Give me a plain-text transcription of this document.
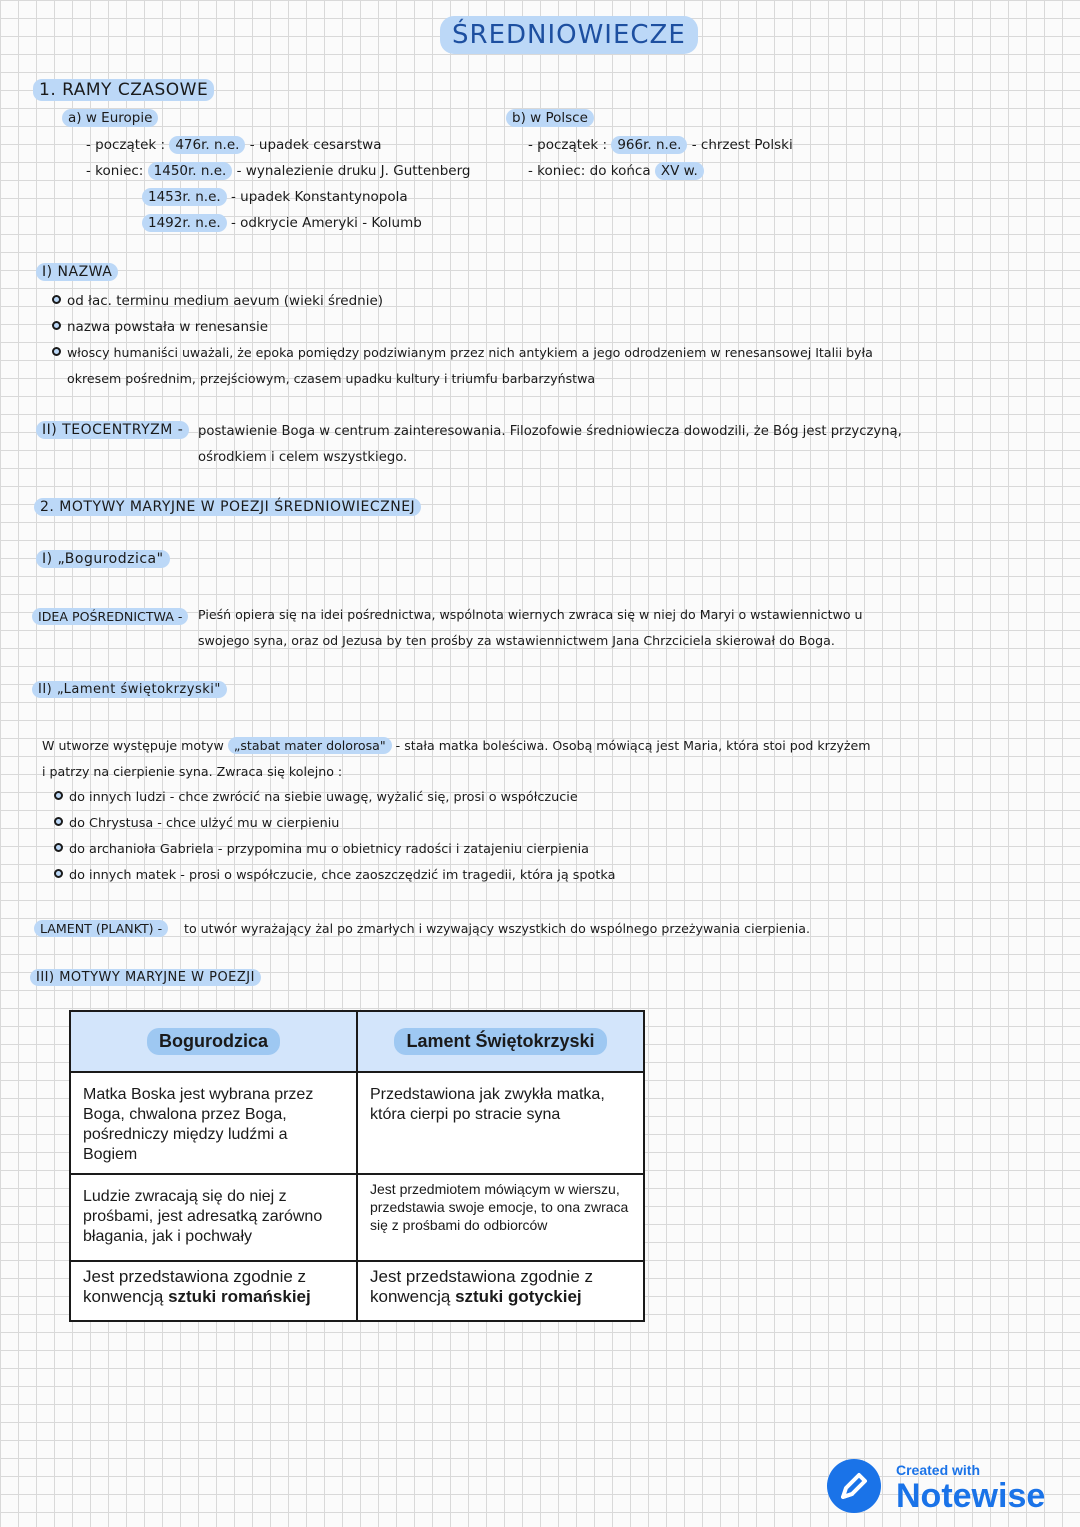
ŚREDNIOWIECZE
1. RAMY CZASOWE
a) w Europie
- początek : 476r. n.e. - upadek cesarstwa
- koniec: 1450r. n.e. - wynalezienie druku J. Guttenberg
1453r. n.e. - upadek Konstantynopola
1492r. n.e. - odkrycie Ameryki - Kolumb
b) w Polsce
- początek : 966r. n.e. - chrzest Polski
- koniec: do końca XV w.
I) NAZWA
od łac. terminu medium aevum (wieki średnie)
nazwa powstała w renesansie
włoscy humaniści uważali, że epoka pomiędzy podziwianym przez nich antykiem a jego odrodzeniem w renesansowej Italii była
okresem pośrednim, przejściowym, czasem upadku kultury i triumfu barbarzyństwa
II) TEOCENTRYZM -	postawienie Boga w centrum zainteresowania. Filozofowie średniowiecza dowodzili, że Bóg jest przyczyną,
ośrodkiem i celem wszystkiego.
2. MOTYWY MARYJNE W POEZJI ŚREDNIOWIECZNEJ
I) „Bogurodzica"
IDEA POŚREDNICTWA -	Pieśń opiera się na idei pośrednictwa, wspólnota wiernych zwraca się w niej do Maryi o wstawiennictwo u
swojego syna, oraz od Jezusa by ten prośby za wstawiennictwem Jana Chrzciciela skierował do Boga.
II) „Lament świętokrzyski"
W utworze występuje motyw „stabat mater dolorosa" - stała matka boleściwa. Osobą mówiącą jest Maria, która stoi pod krzyżem
i patrzy na cierpienie syna. Zwraca się kolejno :
do innych ludzi - chce zwrócić na siebie uwagę, wyżalić się, prosi o współczucie
do Chrystusa - chce ulżyć mu w cierpieniu
do archanioła Gabriela - przypomina mu o obietnicy radości i zatajeniu cierpienia
do innych matek - prosi o współczucie, chce zaoszczędzić im tragedii, która ją spotka
LAMENT (PLANKT) -	to utwór wyrażający żal po zmarłych i wzywający wszystkich do wspólnego przeżywania cierpienia.
III) MOTYWY MARYJNE W POEZJI
Bogurodzica	Lament Świętokrzyski

Matka Boska jest wybrana przez Boga, chwalona przez Boga, pośredniczy między ludźmi a Bogiem	Przedstawiona jak zwykła matka, która cierpi po stracie syna

Ludzie zwracają się do niej z prośbami, jest adresatką zarówno błagania, jak i pochwały	Jest przedmiotem mówiącym w wierszu, przedstawia swoje emocje, to ona zwraca się z prośbami do odbiorców

Jest przedstawiona zgodnie z konwencją sztuki romańskiej	Jest przedstawiona zgodnie z konwencją sztuki gotyckiej
Created with
Notewise
